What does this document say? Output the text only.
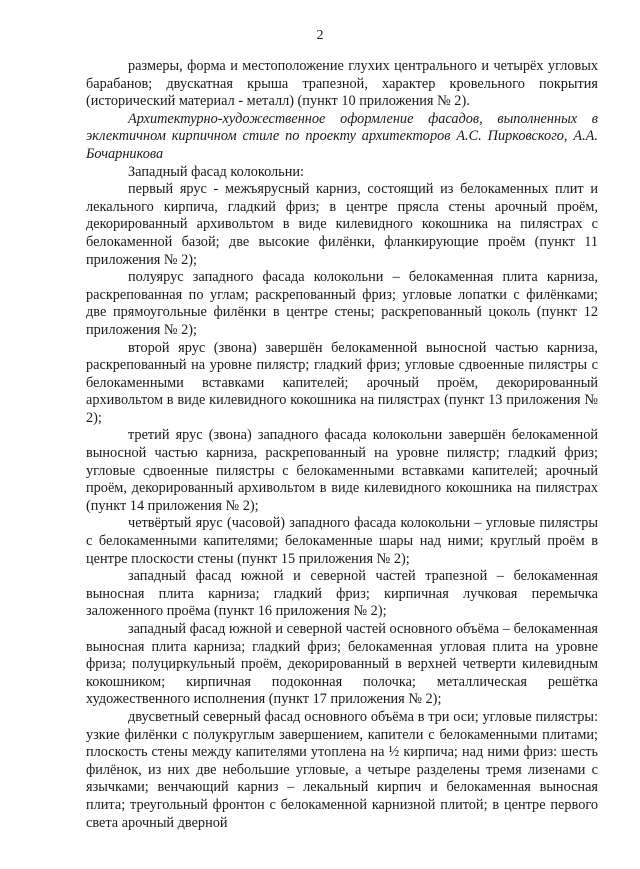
2

размеры, форма и местоположение глухих центрального и четырёх угловых барабанов; двускатная крыша трапезной, характер кровельного покрытия (исторический материал - металл) (пункт 10 приложения № 2).

Архитектурно-художественное оформление фасадов, выполненных в эклектичном кирпичном стиле по проекту архитекторов А.С. Пирковского, А.А. Бочарникова

Западный фасад колокольни:

первый ярус - межъярусный карниз, состоящий из белокаменных плит и лекального кирпича, гладкий фриз; в центре прясла стены арочный проём, декорированный архивольтом в виде килевидного кокошника на пилястрах с белокаменной базой; две высокие филёнки, фланкирующие проём (пункт 11 приложения № 2);

полуярус западного фасада колокольни – белокаменная плита карниза, раскрепованная по углам; раскрепованный фриз; угловые лопатки с филёнками; две прямоугольные филёнки в центре стены; раскрепованный цоколь (пункт 12 приложения № 2);

второй ярус (звона) завершён белокаменной выносной частью карниза, раскрепованный на уровне пилястр; гладкий фриз; угловые сдвоенные пилястры с белокаменными вставками капителей; арочный проём, декорированный архивольтом в виде килевидного кокошника на пилястрах (пункт 13 приложения № 2);

третий ярус (звона) западного фасада колокольни завершён белокаменной выносной частью карниза, раскрепованный на уровне пилястр; гладкий фриз; угловые сдвоенные пилястры с белокаменными вставками капителей; арочный проём, декорированный архивольтом в виде килевидного кокошника на пилястрах (пункт 14 приложения № 2);

четвёртый ярус (часовой) западного фасада колокольни – угловые пилястры с белокаменными капителями; белокаменные шары над ними; круглый проём в центре плоскости стены (пункт 15 приложения № 2);

западный фасад южной и северной частей трапезной – белокаменная выносная плита карниза; гладкий фриз; кирпичная лучковая перемычка заложенного проёма (пункт 16 приложения № 2);

западный фасад южной и северной частей основного объёма – белокаменная выносная плита карниза; гладкий фриз; белокаменная угловая плита на уровне фриза; полуциркульный проём, декорированный в верхней четверти килевидным кокошником; кирпичная подоконная полочка; металлическая решётка художественного исполнения (пункт 17 приложения № 2);

двусветный северный фасад основного объёма в три оси; угловые пилястры: узкие филёнки с полукруглым завершением, капители с белокаменными плитами; плоскость стены между капителями утоплена на ½ кирпича; над ними фриз: шесть филёнок, из них две небольшие угловые, а четыре разделены тремя лизенами с язычками; венчающий карниз – лекальный кирпич и белокаменная выносная плита; треугольный фронтон с белокаменной карнизной плитой; в центре первого света арочный дверной
